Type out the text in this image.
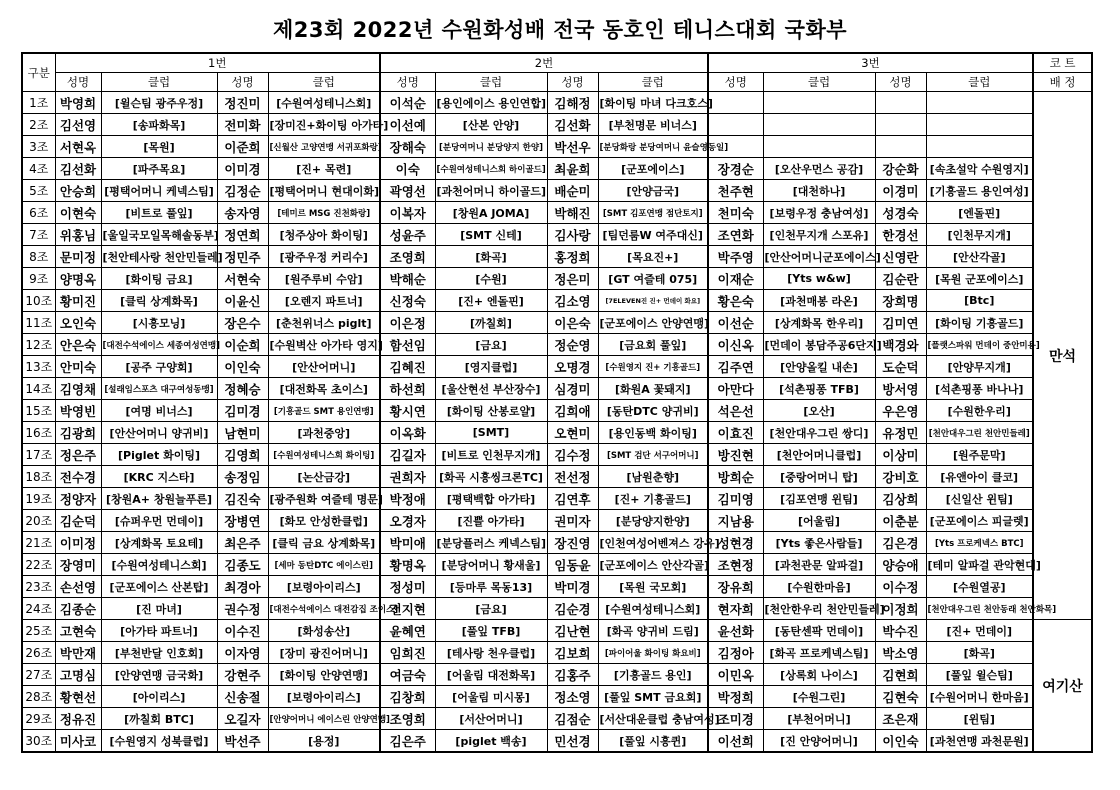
제23회 2022년 수원화성배 전국 동호인 테니스대회 국화부
구분	1번				2번				3번				코 트
	성명	클럽	성명	클럽	성명	클럽	성명	클럽	성명	클럽	성명	클럽	배 정
1조	박영희	[윌슨팀 광주우정]	정진미	[수원여성테니스회]	이석순	[용인에이스 용인연합]	김해정	[화이팅 마녀 다크호스]					만석
2조	김선영	[송파화목]	전미화	[장미진+화이팅 아가타]	이선예	[산본 안양]	김선화	[부천명문 비너스]					
3조	서현옥	[목원]	이준희	[신월산 고양연맹 서귀포화랑]	장해숙	[분당여머니 분당양지 한양]	박선우	[분당화랑 분당여머니 윤슬영동일]					
4조	김선화	[파주목요]	이미경	[진+ 목련]	이숙	[수원여성테니스회 하이골드]	최윤희	[군포에이스]	장경순	[오산우먼스 공감]	강순화	[속초설악 수원영지]	
5조	안승희	[평택어머니 케넥스팀]	김정순	[평택어머니 현대이화]	곽영선	[과천어머니 하이골드]	배순미	[안양금국]	천주현	[대천하나]	이경미	[기흥골드 용인여성]	
6조	이현숙	[비트로 풀잎]	송자영	[테미르 MSG 진천화랑]	이복자	[창원A JOMA]	박해진	[SMT 김포연맹 점단토지]	천미숙	[보령우정 충남여성]	성경숙	[엔돌핀]	
7조	위홍님	[울일국모일목해솔동부]	정연희	[청주상아 화이팅]	성윤주	[SMT 신테]	김사랑	[팀던룸W 여주대신]	조연화	[인천무지개 스포유]	한경선	[인천무지개]	
8조	문미정	[천안테사랑 천안민들레]	정민주	[광주우정 커리수]	조영희	[화곡]	홍정희	[목요진+]	박주영	[안산어머니군포에이스]	신영란	[안산각골]	
9조	양명옥	[화이팅 금요]	서현숙	[원주루비 수암]	박해순	[수원]	정은미	[GT 여즐테 075]	이재순	[Yts w&w]	김순란	[목원 군포에이스]	
10조	황미진	[클릭 상계화목]	이윤신	[오렌지 파트너]	신정숙	[진+ 엔돌핀]	김소영	[7ELEVEN진 진+ 먼데이 화요]	황은숙	[과천매봉 라온]	장희명	[Btc]	
11조	오인숙	[시흥모닝]	장은수	[춘천위너스 piglt]	이은정	[까칠회]	이은숙	[군포에이스 안양연맹]	이선순	[상계화목 한우리]	김미연	[화이팅 기흥골드]	
12조	안은숙	[대전수석에이스 세종여성연맹]	이순희	[수원벽산 아가타 영지]	함선임	[금요]	정순영	[금요회 풀잎]	이신옥	[먼데이 봉담주공6단지]	백경와	[플랫스파워 먼데이 중안미용]	
13조	안미숙	[공주 구양회]	이인숙	[안산어머니]	김혜진	[영지클럽]	오명경	[수원영지 진+ 기흥골드]	김주연	[안양올킬 내손]	도순덕	[안양무지개]	
14조	김영채	[설래임스포츠 대구여성동맹]	정혜승	[대전화목 초이스]	하선희	[울산현선 부산장수]	심경미	[화원A 꽃돼지]	아만다	[석촌핑퐁 TFB]	방서영	[석촌핑퐁 바나나]	
15조	박영빈	[여명 비너스]	김미경	[기흥골드 SMT 용인연맹]	황시연	[화이팅 산봉로얄]	김희애	[동탄DTC 양귀비]	석은선	[오산]	우은영	[수원한우리]	
16조	김광희	[안산어머니 양귀비]	남현미	[과천중앙]	이옥화	[SMT]	오현미	[용인동백 화이팅]	이효진	[천안대우그린 쌍디]	유정민	[천안대우그린 천안민들레]	
17조	정은주	[Piglet 화이팅]	김영희	[수원여성테니스회 화이팅]	김길자	[비트로 인천무지개]	김수정	[SMT 검단 서구어머니]	방진현	[천안어머니클럽]	이상미	[원주문막]	
18조	전수경	[KRC 지스타]	송정임	[논산금강]	권희자	[화곡 시흥씽크론TC]	전선정	[남원춘향]	방희순	[중랑어머니 탑]	강비호	[유앤아이 클코]	
19조	정양자	[창원A+ 창원늘푸른]	김진숙	[광주원화 여즐테 명문]	박정애	[평택백합 아가타]	김연후	[진+ 기흥골드]	김미영	[김포연맹 윈팀]	김상희	[신일산 윈팀]	
20조	김순덕	[슈퍼우먼 먼데이]	장병연	[화모 안성한클럽]	오경자	[진쁠 아가타]	권미자	[분당양지한양]	지남용	[어울림]	이춘분	[군포에이스 피글렛]	
21조	이미정	[상계화목 토요테]	최은주	[클릭 금요 상계화목]	박미애	[분당플러스 케넥스팀]	장진영	[인천여성어벤져스 강유]	성현경	[Yts 좋은사람들]	김은경	[Yts 프로케넥스 BTC]	
22조	장영미	[수원여성테니스회]	김종도	[세마 동탄DTC 에이스린]	황명옥	[분당어머니 황새울]	임동윤	[군포에이스 안산각골]	조현정	[과천관문 알파걸]	양승애	[테미 알파걸 관악현대]	
23조	손선영	[군포에이스 산본탑]	최경아	[보령아이리스]	정성미	[등마루 목동13]	박미경	[목원 국모회]	장유희	[수원한마음]	이수정	[수원열공]	
24조	김종순	[진 마녀]	권수정	[대전수석에이스 대전감집 조이스]	전지현	[금요]	김순경	[수원여성테니스회]	현자희	[천안한우리 천안민들레]	이정희	[천안대우그린 천안동래 천안화목]	
25조	고현숙	[아가타 파트너]	이수진	[화성송산]	윤혜연	[풀잎 TFB]	김난현	[화곡 양귀비 드림]	윤선화	[동탄센팍 먼데이]	박수진	[진+ 먼데이]	여기산
26조	박만재	[부천반달 인호회]	이자영	[장미 광진어머니]	임희진	[테사랑 천우클럽]	김보희	[파이어울 화이팅 화요비]	김정아	[화곡 프로케넥스팀]	박소영	[화곡]	
27조	고명심	[안양연맹 금국화]	강현주	[화이팅 안양연맹]	여금숙	[어울림 대전화목]	김홍주	[기흥골드 용인]	이민옥	[상록회 나이스]	김현희	[풀잎 윌슨팀]	
28조	황현선	[아이리스]	신송절	[보령아이리스]	김창희	[어울림 미시몽]	정소영	[풀잎 SMT 금요회]	박정희	[수원그린]	김현숙	[수원어머니 한마음]	
29조	정유진	[까칠회 BTC]	오길자	[안양어머니 에이스린 안양연맹]	조영희	[서산어머니]	김점순	[서산대운클럽 충남여성]	조미경	[부천어머니]	조은재	[윈팀]	
30조	미사코	[수원영지 성북클럽]	박선주	[용정]	김은주	[piglet 백송]	민선경	[풀잎 시흥퀸]	이선희	[진 안양어머니]	이인숙	[과천연맹 과천문원]	
